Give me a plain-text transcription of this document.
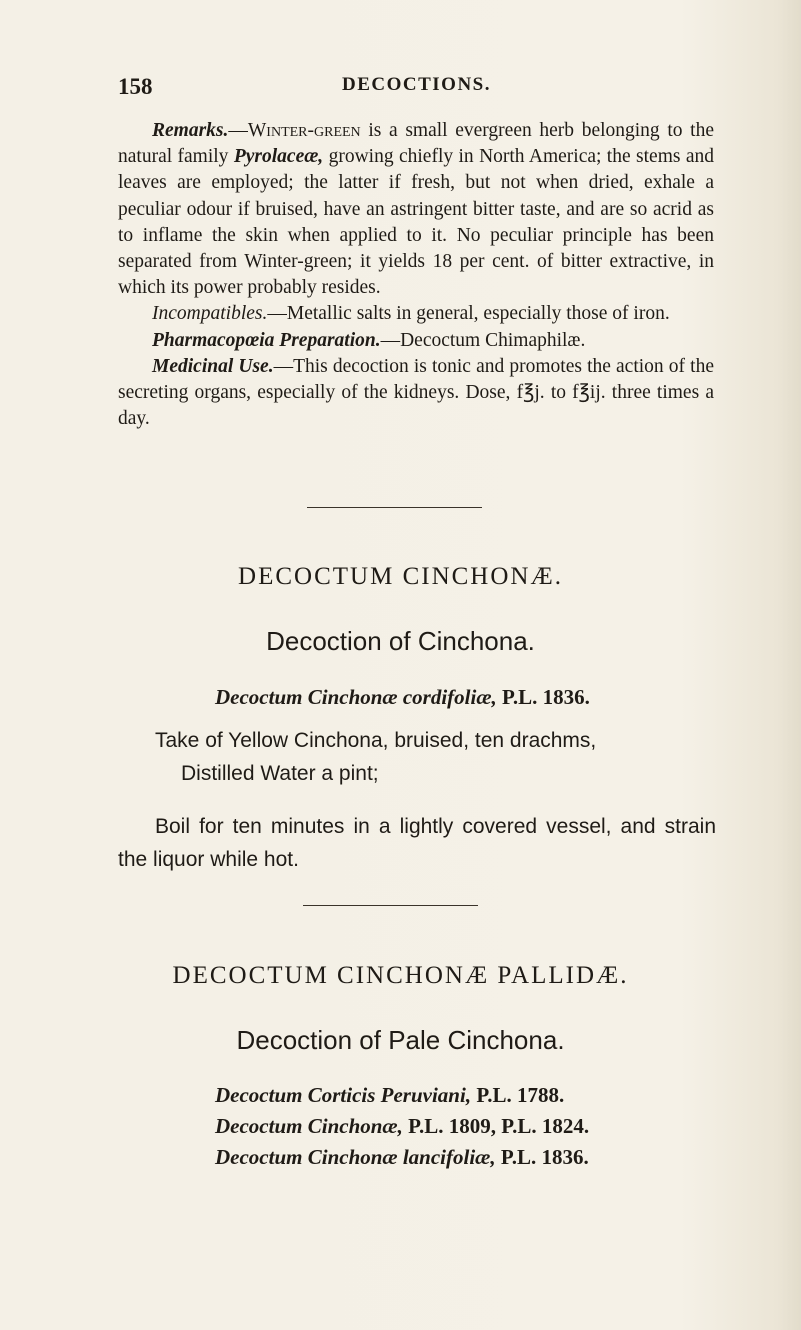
158	DECOCTIONS.

Remarks.—Winter-green is a small evergreen herb belonging to the natural family Pyrolaceæ, growing chiefly in North America; the stems and leaves are employed; the latter if fresh, but not when dried, exhale a peculiar odour if bruised, have an astringent bitter taste, and are so acrid as to inflame the skin when applied to it. No peculiar principle has been separated from Winter-green; it yields 18 per cent. of bitter extractive, in which its power probably resides.

Incompatibles.—Metallic salts in general, especially those of iron.

Pharmacopœia Preparation.—Decoctum Chimaphilæ.

Medicinal Use.—This decoction is tonic and promotes the action of the secreting organs, especially of the kidneys. Dose, f℥j. to f℥ij. three times a day.

DECOCTUM CINCHONÆ.
Decoction of Cinchona.
Decoctum Cinchonæ cordifoliæ, P.L. 1836.

Take of Yellow Cinchona, bruised, ten drachms,

Distilled Water a pint;

Boil for ten minutes in a lightly covered vessel, and strain the liquor while hot.

DECOCTUM CINCHONÆ PALLIDÆ.
Decoction of Pale Cinchona.
Decoctum Corticis Peruviani, P.L. 1788.
Decoctum Cinchonæ, P.L. 1809, P.L. 1824.
Decoctum Cinchonæ lancifoliæ, P.L. 1836.
